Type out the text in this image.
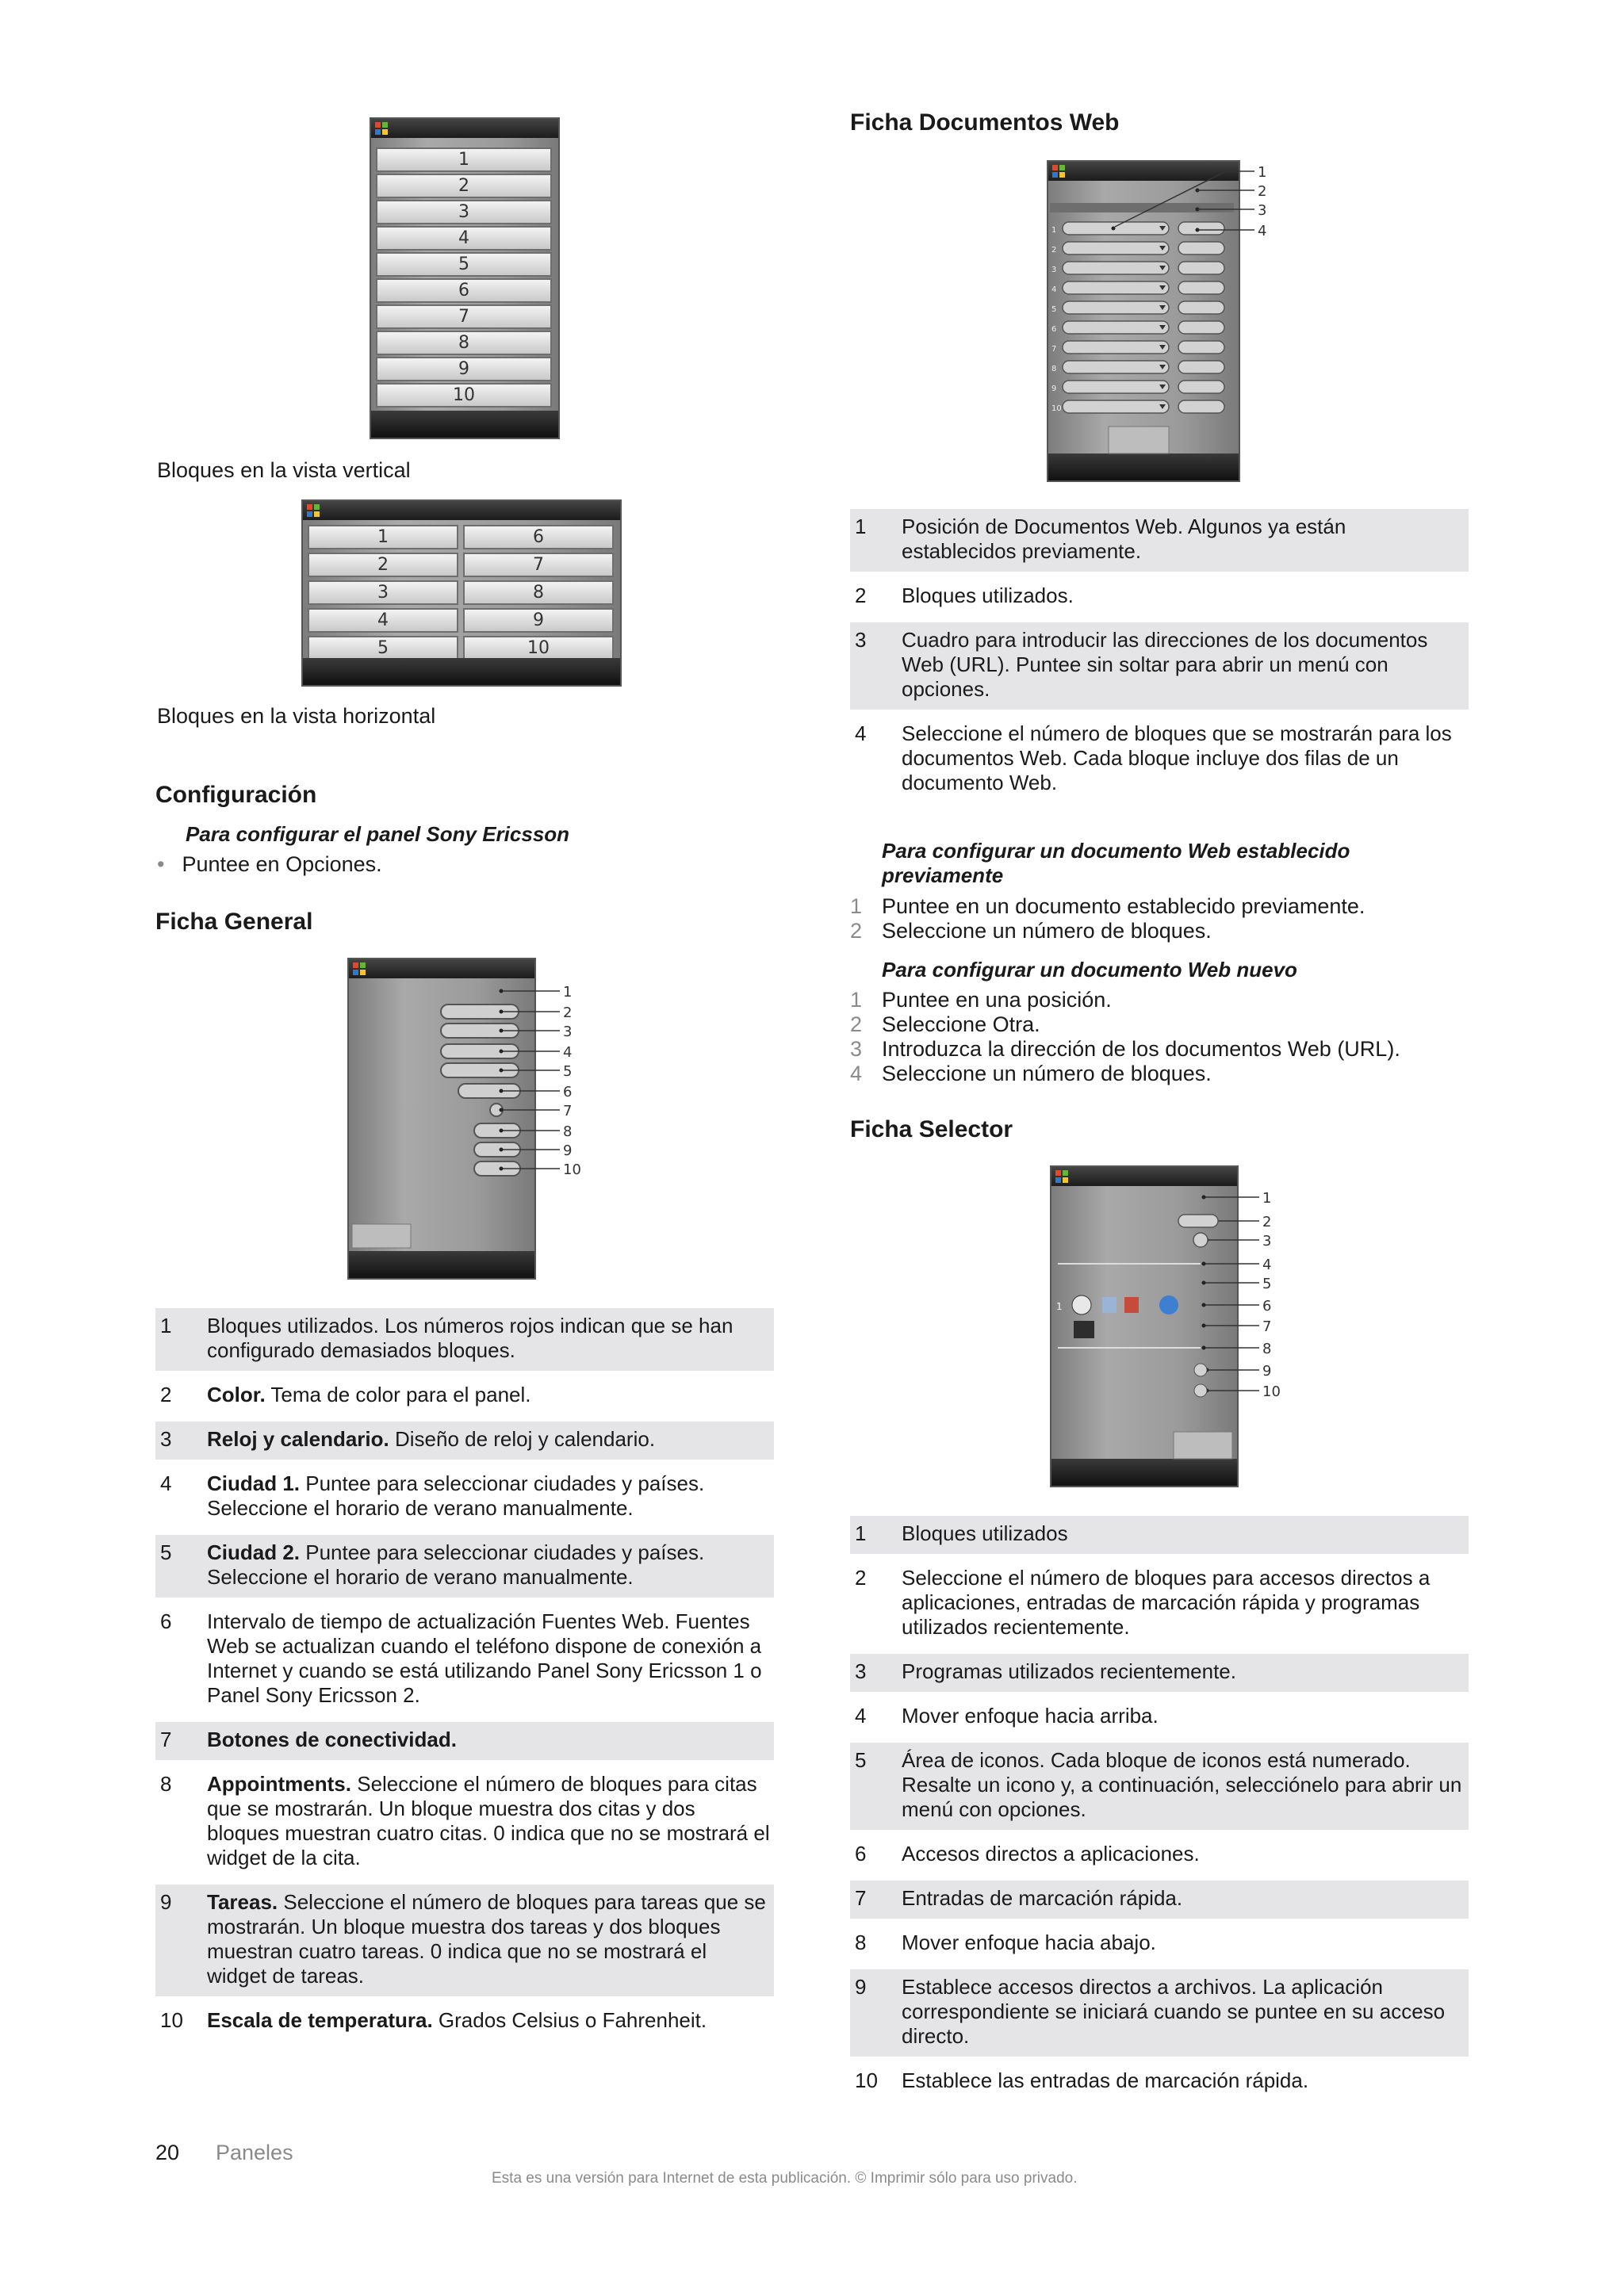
1
2
3
4
5
6
7
8
9
10
Bloques en la vista vertical
1
2
3
4
5
6
7
8
9
10
Bloques en la vista horizontal
Configuración
Para configurar el panel Sony Ericsson
• Puntee en Opciones.
Ficha General
1
2
3
4
5
6
7
8
9
10
1	Bloques utilizados. Los números rojos indican que se han configurado demasiados bloques.
2	Color. Tema de color para el panel.
3	Reloj y calendario. Diseño de reloj y calendario.
4	Ciudad 1. Puntee para seleccionar ciudades y países. Seleccione el horario de verano manualmente.
5	Ciudad 2. Puntee para seleccionar ciudades y países. Seleccione el horario de verano manualmente.
6	Intervalo de tiempo de actualización Fuentes Web. Fuentes Web se actualizan cuando el teléfono dispone de conexión a Internet y cuando se está utilizando Panel Sony Ericsson 1 o Panel Sony Ericsson 2.
7	Botones de conectividad.
8	Appointments. Seleccione el número de bloques para citas que se mostrarán. Un bloque muestra dos citas y dos bloques muestran cuatro citas. 0 indica que no se mostrará el widget de la cita.
9	Tareas. Seleccione el número de bloques para tareas que se mostrarán. Un bloque muestra dos tareas y dos bloques muestran cuatro tareas. 0 indica que no se mostrará el widget de tareas.
10	Escala de temperatura. Grados Celsius o Fahrenheit.
Ficha Documentos Web
1
2
3
4
5
6
7
8
9
10
1
2
3
4
1	Posición de Documentos Web. Algunos ya están establecidos previamente.
2	Bloques utilizados.
3	Cuadro para introducir las direcciones de los documentos Web (URL). Puntee sin soltar para abrir un menú con opciones.
4	Seleccione el número de bloques que se mostrarán para los documentos Web. Cada bloque incluye dos filas de un documento Web.
Para configurar un documento Web establecido previamente
1 Puntee en un documento establecido previamente.
2 Seleccione un número de bloques.
Para configurar un documento Web nuevo
1 Puntee en una posición.
2 Seleccione Otra.
3 Introduzca la dirección de los documentos Web (URL).
4 Seleccione un número de bloques.
Ficha Selector
1
2
3
4
5
6
7
8
9
10
1
1	Bloques utilizados
2	Seleccione el número de bloques para accesos directos a aplicaciones, entradas de marcación rápida y programas utilizados recientemente.
3	Programas utilizados recientemente.
4	Mover enfoque hacia arriba.
5	Área de iconos. Cada bloque de iconos está numerado. Resalte un icono y, a continuación, selecciónelo para abrir un menú con opciones.
6	Accesos directos a aplicaciones.
7	Entradas de marcación rápida.
8	Mover enfoque hacia abajo.
9	Establece accesos directos a archivos. La aplicación correspondiente se iniciará cuando se puntee en su acceso directo.
10	Establece las entradas de marcación rápida.
20 Paneles
Esta es una versión para Internet de esta publicación. © Imprimir sólo para uso privado.
